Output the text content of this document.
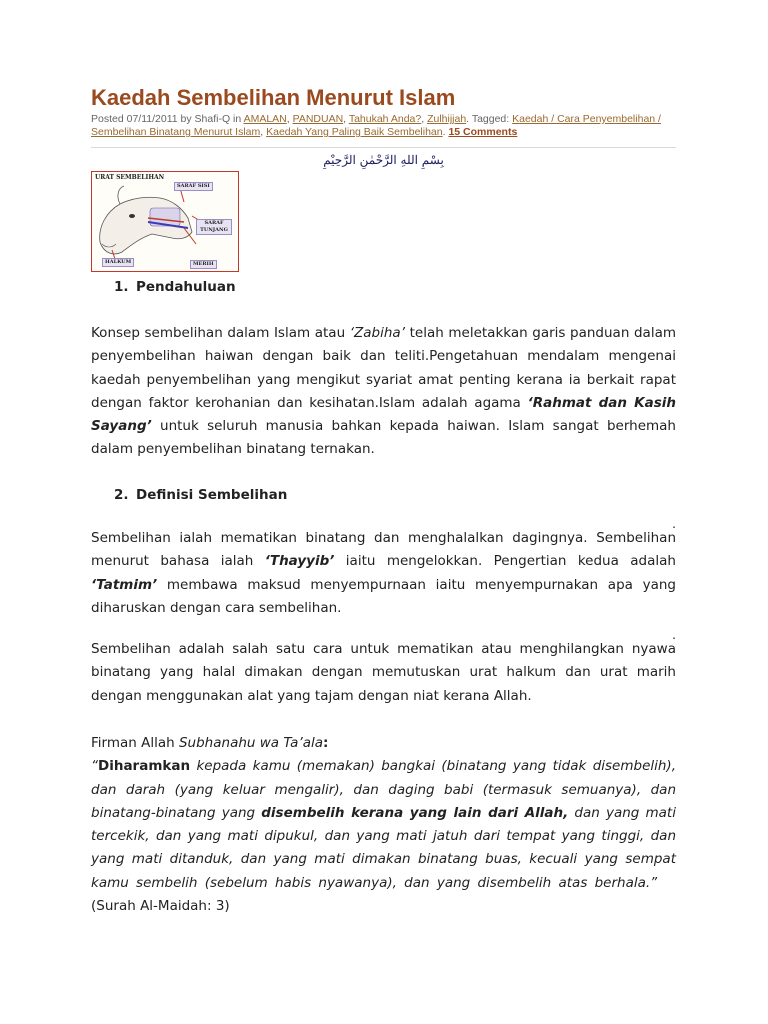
Kaedah Sembelihan Menurut Islam
Posted 07/11/2011 by Shafi-Q in AMALAN, PANDUAN, Tahukah Anda?, Zulhijjah. Tagged: Kaedah / Cara Penyembelihan / Sembelihan Binatang Menurut Islam, Kaedah Yang Paling Baik Sembelihan. 15 Comments
بِسْمِ اللهِ الرَّحْمٰنِ الرَّحِيْمِ
URAT SEMBELIHAN
SARAF SISI
SARAF TUNJANG
HALKUM	MERIH
1. Pendahuluan

Konsep sembelihan dalam Islam atau ‘Zabiha’ telah meletakkan garis panduan dalam penyembelihan haiwan dengan baik dan teliti.Pengetahuan mendalam mengenai kaedah penyembelihan yang mengikut syariat amat penting kerana ia berkait rapat dengan faktor kerohanian dan kesihatan.Islam adalah agama ‘Rahmat dan Kasih Sayang’ untuk seluruh manusia bahkan kepada haiwan. Islam sangat berhemah dalam penyembelihan binatang ternakan.

2. Definisi Sembelihan
.

Sembelihan ialah mematikan binatang dan menghalalkan dagingnya. Sembelihan menurut bahasa ialah ‘Thayyib’ iaitu mengelokkan. Pengertian kedua adalah ‘Tatmim’ membawa maksud menyempurnaan iaitu menyempurnakan apa yang diharuskan dengan cara sembelihan.

.

Sembelihan adalah salah satu cara untuk mematikan atau menghilangkan nyawa binatang yang halal dimakan dengan memutuskan urat halkum dan urat marih dengan menggunakan alat yang tajam dengan niat kerana Allah.

Firman Allah Subhanahu wa Ta’ala:
“Diharamkan kepada kamu (memakan) bangkai (binatang yang tidak disembelih), dan darah (yang keluar mengalir), dan daging babi (termasuk semuanya), dan binatang-binatang yang disembelih kerana yang lain dari Allah, dan yang mati tercekik, dan yang mati dipukul, dan yang mati jatuh dari tempat yang tinggi, dan yang mati ditanduk, dan yang mati dimakan binatang buas, kecuali yang sempat kamu sembelih (sebelum habis nyawanya), dan yang disembelih atas berhala.”    (Surah Al-Maidah: 3)
